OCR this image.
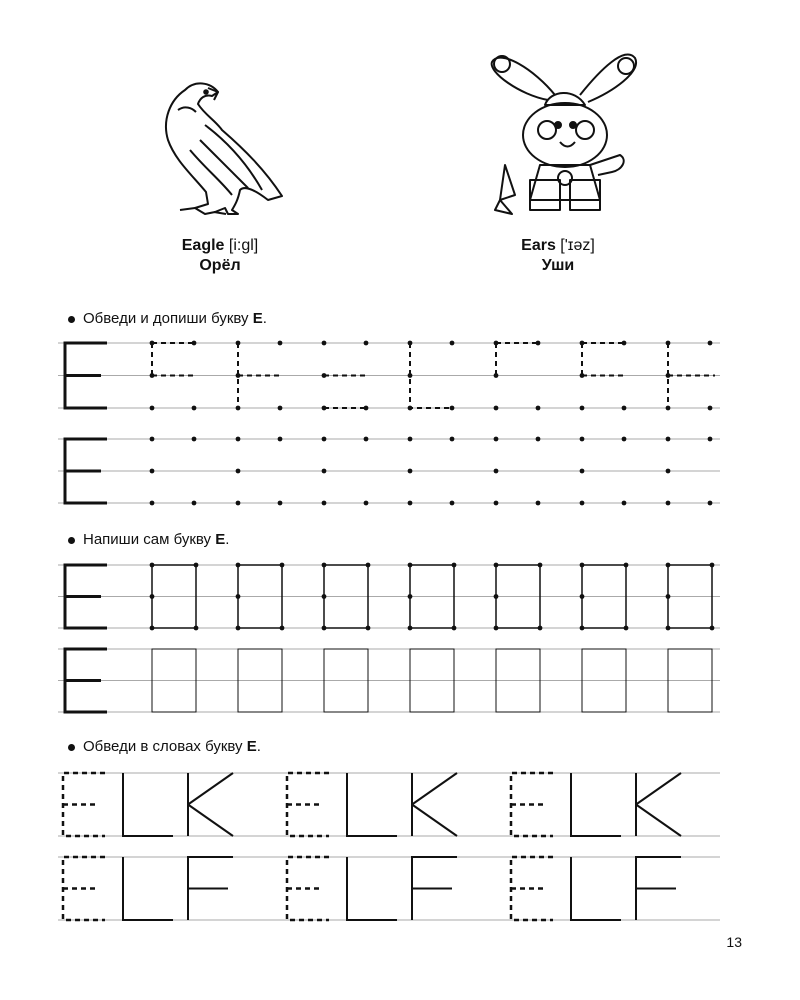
Eagle [i:gl]
Орёл
Ears ['ɪəz]
Уши
Обведи и допиши букву E.
Напиши сам букву E.
Обведи в словах букву E.
13
